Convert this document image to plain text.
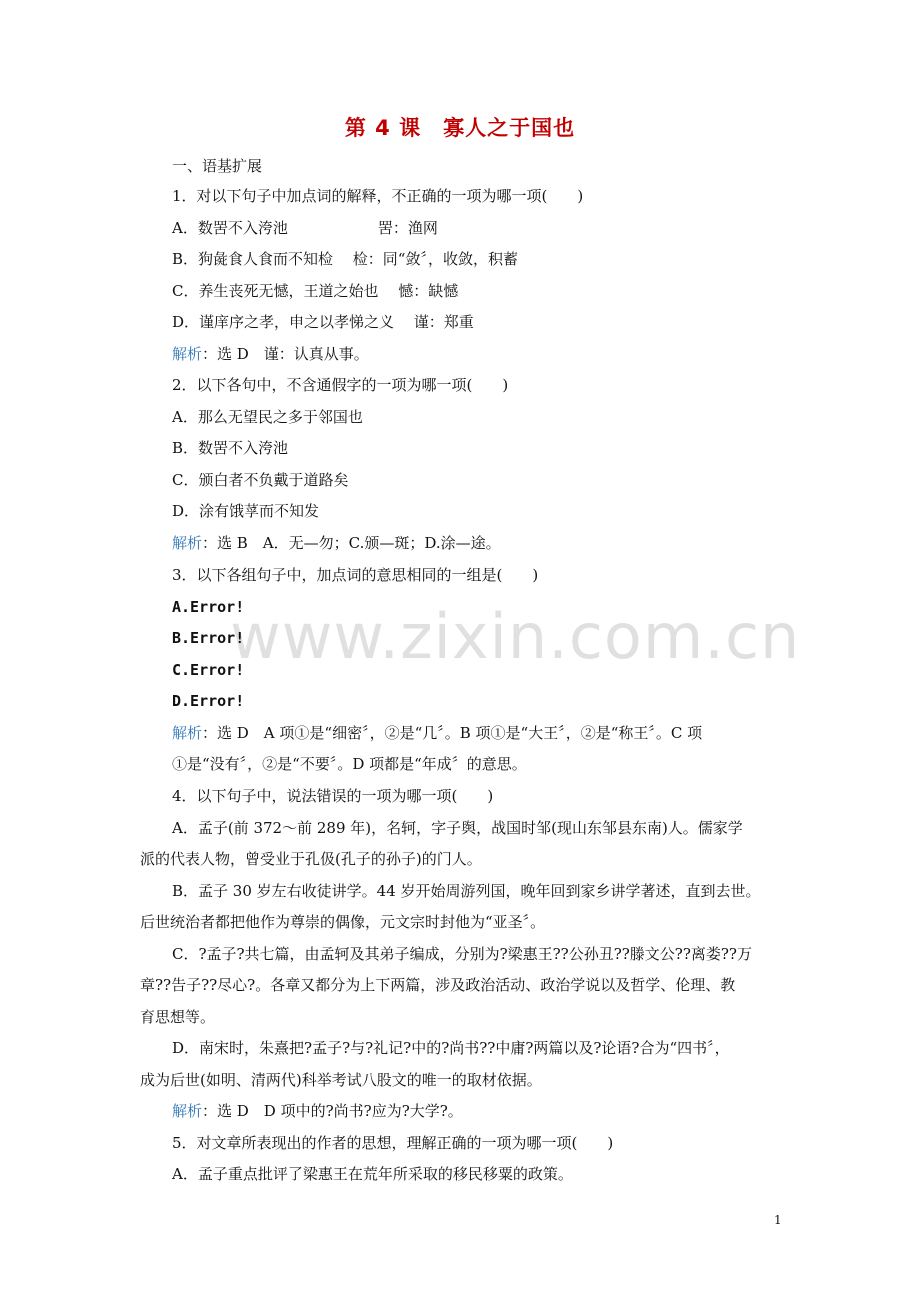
第 4 课　寡人之于国也
一、语基扩展
1．对以下句子中加点词的解释，不正确的一项为哪一项(　　)
A．数罟不入洿池　　　　　　罟：渔网
B．狗彘食人食而不知检　 检：同“敛〞，收敛，积蓄
C．养生丧死无憾，王道之始也　 憾：缺憾
D．谨庠序之孝，申之以孝悌之义　 谨：郑重
解析：选 D　谨：认真从事。
2．以下各句中，不含通假字的一项为哪一项(　　)
A．那么无望民之多于邻国也
B．数罟不入洿池
C．颁白者不负戴于道路矣
D．涂有饿莩而不知发
解析：选 B　A．无—勿；C.颁—斑；D.涂—途。
3．以下各组句子中，加点词的意思相同的一组是(　　)
A.Error!
B.Error!
C.Error!
D.Error!
解析：选 D　A 项①是“细密〞，②是“几〞。B 项①是“大王〞，②是“称王〞。C 项
①是“没有〞，②是“不要〞。D 项都是“年成〞的意思。
4．以下句子中，说法错误的一项为哪一项(　　)
A．孟子(前 372～前 289 年)，名轲，字子舆，战国时邹(现山东邹县东南)人。儒家学
派的代表人物，曾受业于孔伋(孔子的孙子)的门人。
B．孟子 30 岁左右收徒讲学。44 岁开始周游列国，晚年回到家乡讲学著述，直到去世。
后世统治者都把他作为尊崇的偶像，元文宗时封他为“亚圣〞。
C．?孟子?共七篇，由孟轲及其弟子编成，分别为?梁惠王??公孙丑??滕文公??离娄??万
章??告子??尽心?。各章又都分为上下两篇，涉及政治活动、政治学说以及哲学、伦理、教
育思想等。
D．南宋时，朱熹把?孟子?与?礼记?中的?尚书??中庸?两篇以及?论语?合为“四书〞，
成为后世(如明、清两代)科举考试八股文的唯一的取材依据。
解析：选 D　D 项中的?尚书?应为?大学?。
5．对文章所表现出的作者的思想，理解正确的一项为哪一项(　　)
A．孟子重点批评了梁惠王在荒年所采取的移民移粟的政策。
www.zixin.com.cn
1
